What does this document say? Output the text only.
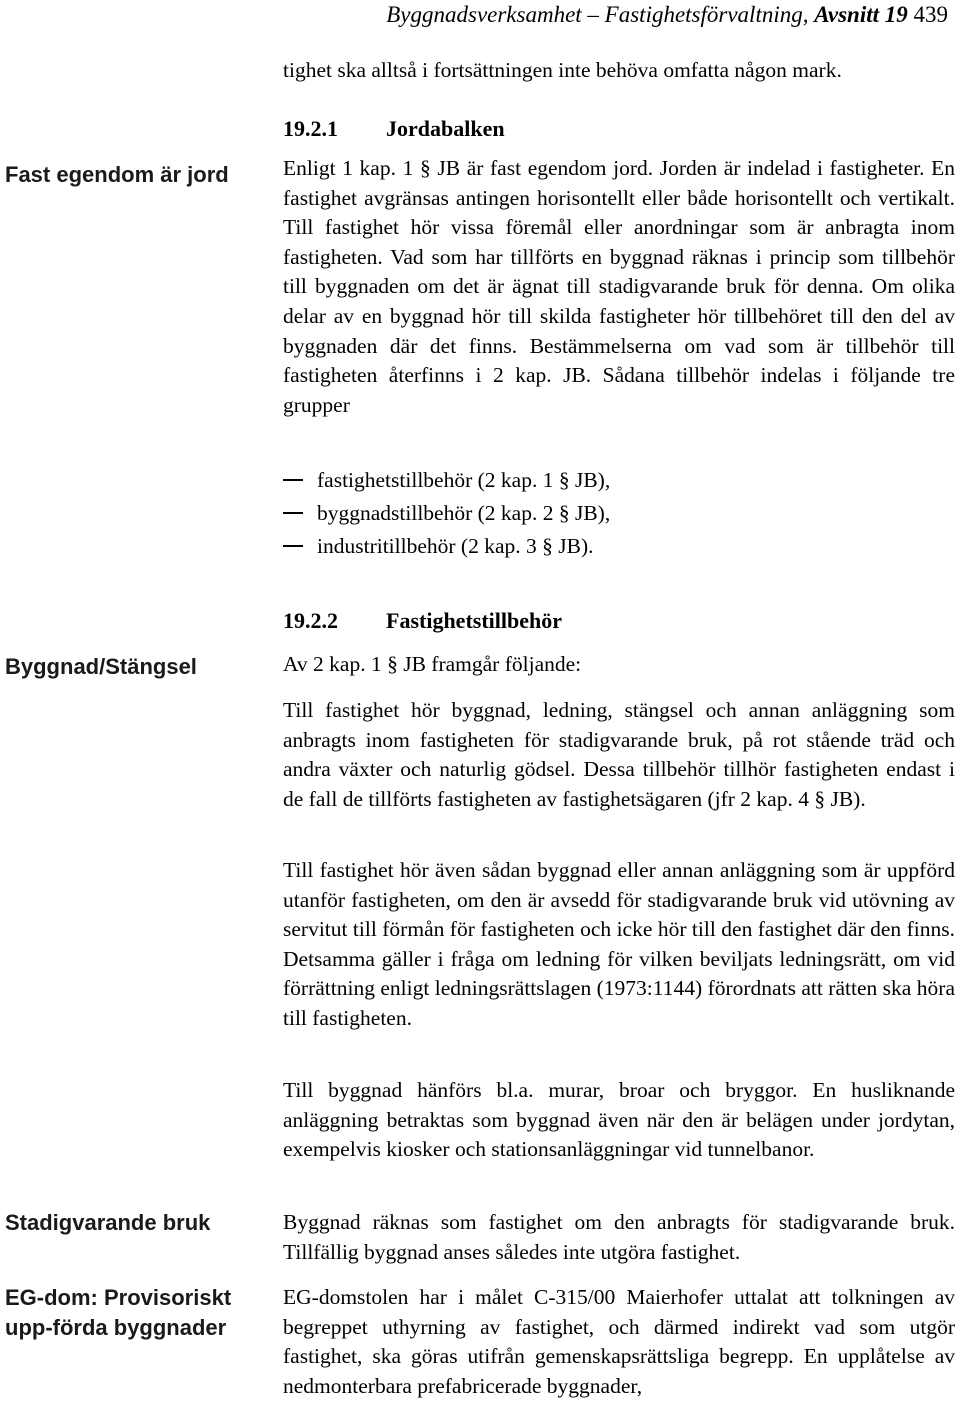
Byggnadsverksamhet – Fastighetsförvaltning, Avsnitt 19 439
Fast egendom är jord
Byggnad/Stängsel
Stadigvarande bruk
EG-dom: Provisoriskt upp-förda byggnader

tighet ska alltså i fortsättningen inte behöva omfatta någon mark.

19.2.1 Jordabalken

Enligt 1 kap. 1 § JB är fast egendom jord. Jorden är indelad i fastigheter. En fastighet avgränsas antingen horisontellt eller både horisontellt och vertikalt. Till fastighet hör vissa föremål eller anordningar som är anbragta inom fastigheten. Vad som har tillförts en byggnad räknas i princip som tillbehör till byggnaden om det är ägnat till stadigvarande bruk för denna. Om olika delar av en byggnad hör till skilda fastigheter hör tillbehöret till den del av byggnaden där det finns. Bestämmelserna om vad som är tillbehör till fastigheten återfinns i 2 kap. JB. Sådana tillbehör indelas i följande tre grupper

fastighetstillbehör (2 kap. 1 § JB),
byggnadstillbehör (2 kap. 2 § JB),
industritillbehör (2 kap. 3 § JB).
19.2.2 Fastighetstillbehör

Av 2 kap. 1 § JB framgår följande:

Till fastighet hör byggnad, ledning, stängsel och annan anläggning som anbragts inom fastigheten för stadigvarande bruk, på rot stående träd och andra växter och naturlig gödsel. Dessa tillbehör tillhör fastigheten endast i de fall de tillförts fastigheten av fastighetsägaren (jfr 2 kap. 4 § JB).

Till fastighet hör även sådan byggnad eller annan anläggning som är uppförd utanför fastigheten, om den är avsedd för stadigvarande bruk vid utövning av servitut till förmån för fastigheten och icke hör till den fastighet där den finns. Detsamma gäller i fråga om ledning för vilken beviljats ledningsrätt, om vid förrättning enligt ledningsrättslagen (1973:1144) förordnats att rätten ska höra till fastigheten.

Till byggnad hänförs bl.a. murar, broar och bryggor. En husliknande anläggning betraktas som byggnad även när den är belägen under jordytan, exempelvis kiosker och stationsanläggningar vid tunnelbanor.

Byggnad räknas som fastighet om den anbragts för stadigvarande bruk. Tillfällig byggnad anses således inte utgöra fastighet.

EG-domstolen har i målet C-315/00 Maierhofer uttalat att tolkningen av begreppet uthyrning av fastighet, och därmed indirekt vad som utgör fastighet, ska göras utifrån gemenskapsrättsliga begrepp. En upplåtelse av nedmonterbara prefabricerade byggnader,
